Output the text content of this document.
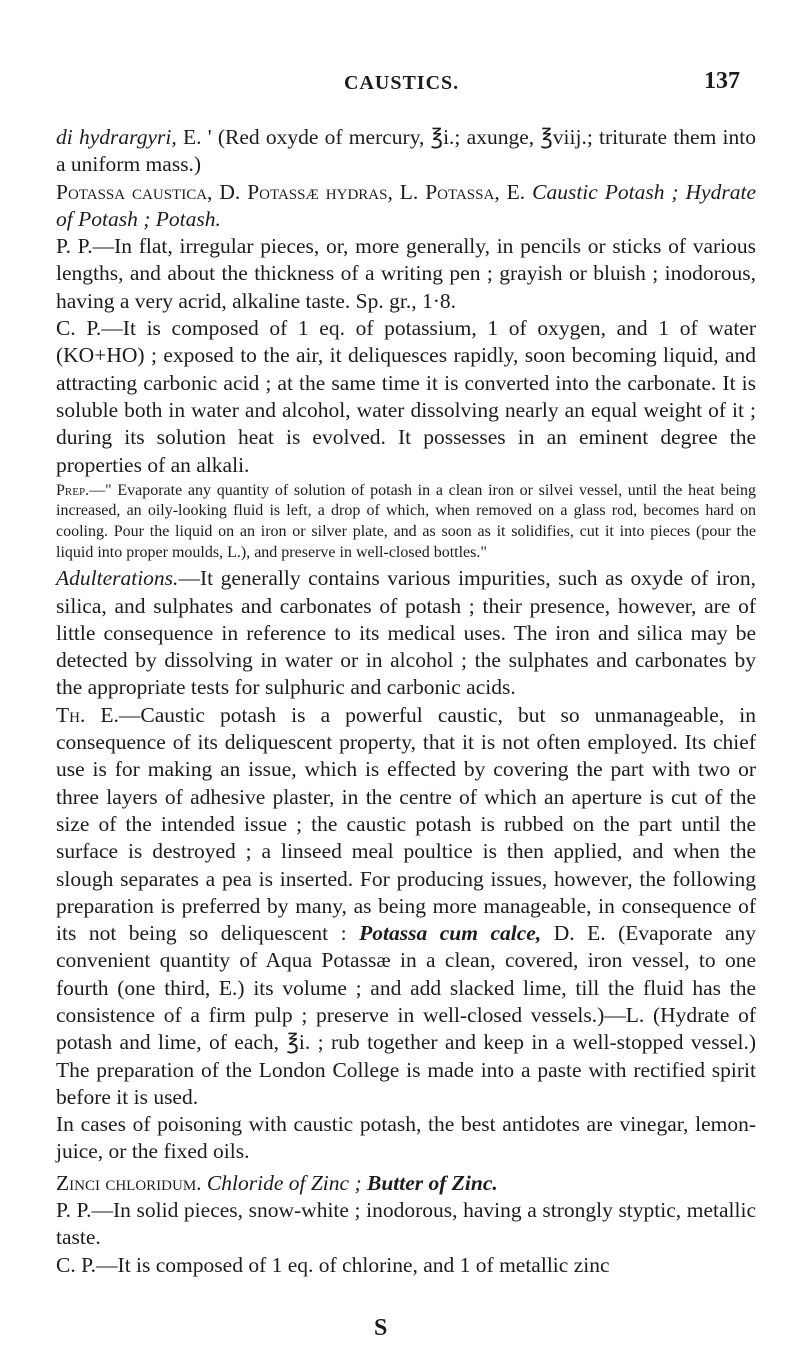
CAUSTICS.	137

di hydrargyri, E. ' (Red oxyde of mercury, ℥i.; axunge, ℥viij.; triturate them into a uniform mass.)

Potassa caustica, D. Potassæ hydras, L. Potassa, E. Caustic Potash ; Hydrate of Potash ; Potash.

P. P.—In flat, irregular pieces, or, more generally, in pencils or sticks of various lengths, and about the thickness of a writing pen ; grayish or bluish ; inodorous, having a very acrid, alkaline taste. Sp. gr., 1·8.

C. P.—It is composed of 1 eq. of potassium, 1 of oxygen, and 1 of water (KO+HO) ; exposed to the air, it deliquesces rapidly, soon becoming liquid, and attracting carbonic acid ; at the same time it is converted into the carbonate. It is soluble both in water and alcohol, water dissolving nearly an equal weight of it ; during its solution heat is evolved. It possesses in an eminent degree the properties of an alkali.

Prep.—" Evaporate any quantity of solution of potash in a clean iron or silvei vessel, until the heat being increased, an oily-looking fluid is left, a drop of which, when removed on a glass rod, becomes hard on cooling. Pour the liquid on an iron or silver plate, and as soon as it solidifies, cut it into pieces (pour the liquid into proper moulds, L.), and preserve in well-closed bottles."

Adulterations.—It generally contains various impurities, such as oxyde of iron, silica, and sulphates and carbonates of potash ; their presence, however, are of little consequence in reference to its medical uses. The iron and silica may be detected by dissolving in water or in alcohol ; the sulphates and carbonates by the appropriate tests for sulphuric and carbonic acids.

Th. E.—Caustic potash is a powerful caustic, but so unmanageable, in consequence of its deliquescent property, that it is not often employed. Its chief use is for making an issue, which is effected by covering the part with two or three layers of adhesive plaster, in the centre of which an aperture is cut of the size of the intended issue ; the caustic potash is rubbed on the part until the surface is destroyed ; a linseed meal poultice is then applied, and when the slough separates a pea is inserted. For producing issues, however, the following preparation is preferred by many, as being more manageable, in consequence of its not being so deliquescent : Potassa cum calce, D. E. (Evaporate any convenient quantity of Aqua Potassæ in a clean, covered, iron vessel, to one fourth (one third, E.) its volume ; and add slacked lime, till the fluid has the consistence of a firm pulp ; preserve in well-closed vessels.)—L. (Hydrate of potash and lime, of each, ℥i. ; rub together and keep in a well-stopped vessel.) The preparation of the London College is made into a paste with rectified spirit before it is used.

In cases of poisoning with caustic potash, the best antidotes are vinegar, lemon-juice, or the fixed oils.

Zinci chloridum. Chloride of Zinc ; Butter of Zinc.

P. P.—In solid pieces, snow-white ; inodorous, having a strongly styptic, metallic taste.

C. P.—It is composed of 1 eq. of chlorine, and 1 of metallic zinc

S
